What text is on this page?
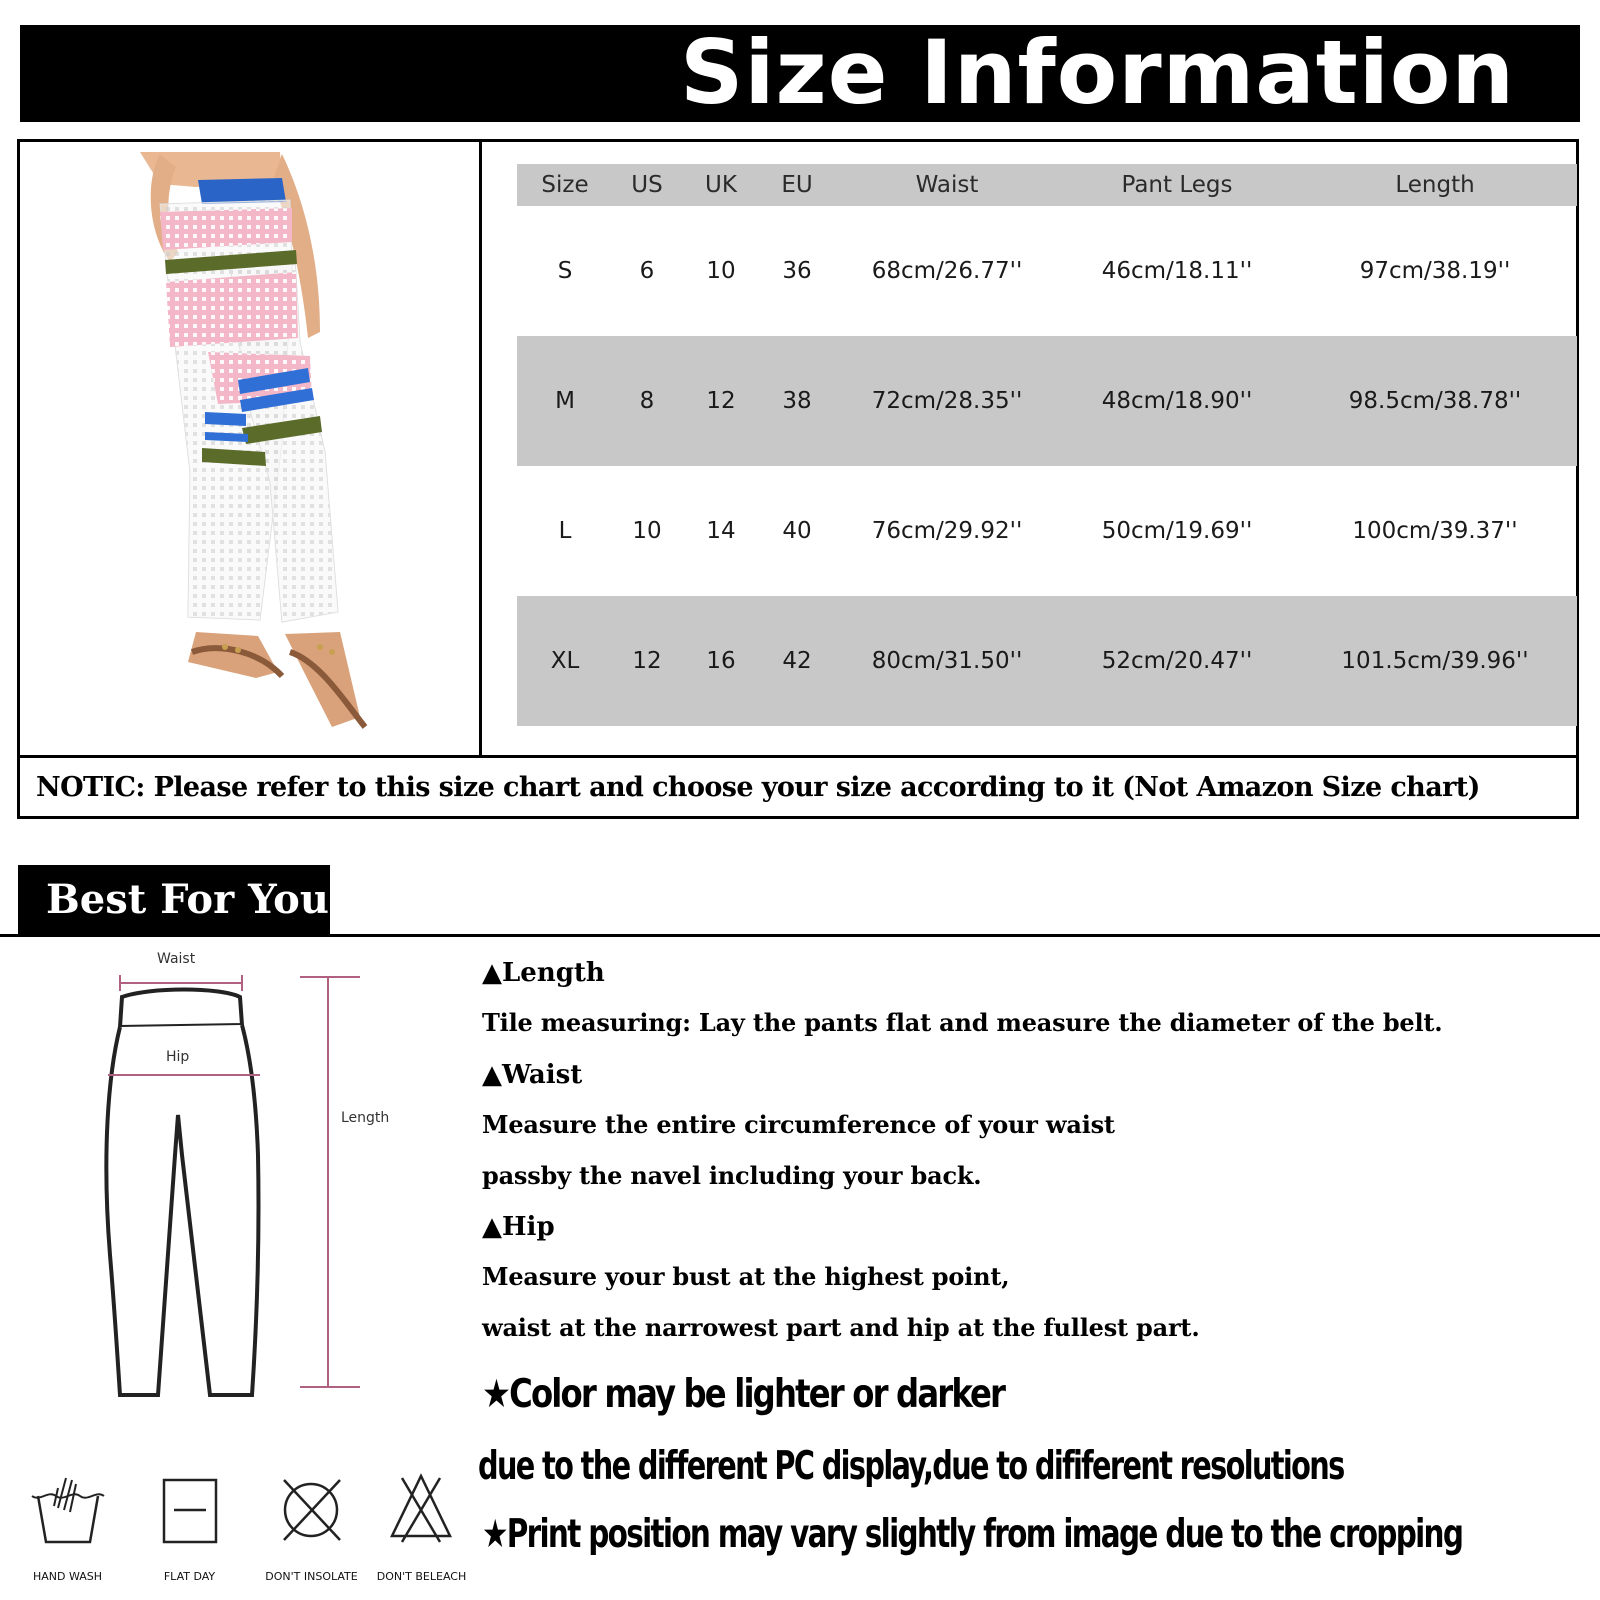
Size Information
Size	US	UK	EU	Waist	Pant Legs	Length
S	6	10	36	68cm/26.77''	46cm/18.11''	97cm/38.19''
M	8	12	38	72cm/28.35''	48cm/18.90''	98.5cm/38.78''
L	10	14	40	76cm/29.92''	50cm/19.69''	100cm/39.37''
XL	12	16	42	80cm/31.50''	52cm/20.47''	101.5cm/39.96''

NOTIC: Please refer to this size chart and choose your size according to it (Not Amazon Size chart)

Best For You

Waist
Hip
Length
HAND WASH	FLAT DAY	DON'T INSOLATE	DON'T BELEACH

▲Length

Tile measuring: Lay the pants flat and measure the diameter of the belt.

▲Waist

Measure the entire circumference of your waist

passby the navel including your back.

▲Hip

Measure your bust at the highest point,

waist at the narrowest part and hip at the fullest part.

★Color may be lighter or darker

due to the different PC display,due to dififerent resolutions

★Print position may vary slightly from image due to the cropping
